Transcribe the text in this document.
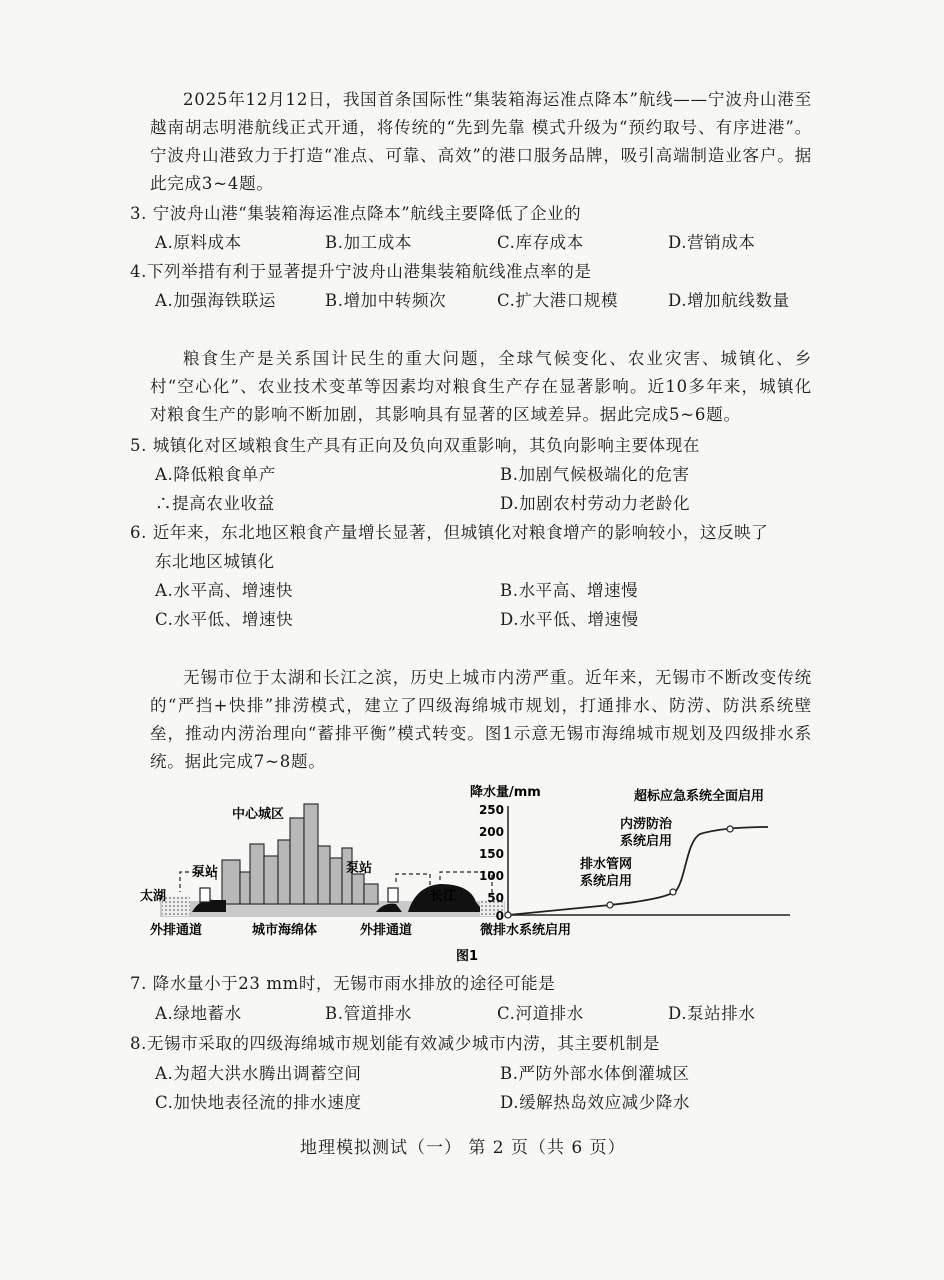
2025年12月12日，我国首条国际性“集装箱海运准点降本”航线——宁波舟山港至越南胡志明港航线正式开通，将传统的“先到先靠 模式升级为“预约取号、有序进港”。宁波舟山港致力于打造“准点、可靠、高效”的港口服务品牌，吸引高端制造业客户。据此完成3~4题。
3. 宁波舟山港“集装箱海运准点降本”航线主要降低了企业的
A.原料成本	B.加工成本	C.库存成本	D.营销成本
4.下列举措有利于显著提升宁波舟山港集装箱航线准点率的是
A.加强海铁联运	B.增加中转频次	C.扩大港口规模	D.增加航线数量
粮食生产是关系国计民生的重大问题，全球气候变化、农业灾害、城镇化、乡村“空心化”、农业技术变革等因素均对粮食生产存在显著影响。近10多年来，城镇化对粮食生产的影响不断加剧，其影响具有显著的区域差异。据此完成5~6题。
5. 城镇化对区域粮食生产具有正向及负向双重影响，其负向影响主要体现在
A.降低粮食单产	B.加剧气候极端化的危害
∴提高农业收益	D.加剧农村劳动力老龄化
6. 近年来，东北地区粮食产量增长显著，但城镇化对粮食增产的影响较小，这反映了
东北地区城镇化
A.水平高、增速快	B.水平高、增速慢
C.水平低、增速快	D.水平低、增速慢
无锡市位于太湖和长江之滨，历史上城市内涝严重。近年来，无锡市不断改变传统的“严挡+快排”排涝模式，建立了四级海绵城市规划，打通排水、防涝、防洪系统壁垒，推动内涝治理向“蓄排平衡”模式转变。图1示意无锡市海绵城市规划及四级排水系统。据此完成7~8题。
中心城区
泵站	泵站
太湖	长江
外排通道	城市海绵体	外排通道
250
200
150
100
50
0
降水量/mm
微排水系统启用
排水管网
系统启用
内涝防治
系统启用
超标应急系统全面启用
图1
7. 降水量小于23 mm时，无锡市雨水排放的途径可能是
A.绿地蓄水	B.管道排水	C.河道排水	D.泵站排水
8.无锡市采取的四级海绵城市规划能有效减少城市内涝，其主要机制是
A.为超大洪水腾出调蓄空间	B.严防外部水体倒灌城区
C.加快地表径流的排水速度	D.缓解热岛效应减少降水
地理模拟测试（一） 第 2 页（共 6 页）
